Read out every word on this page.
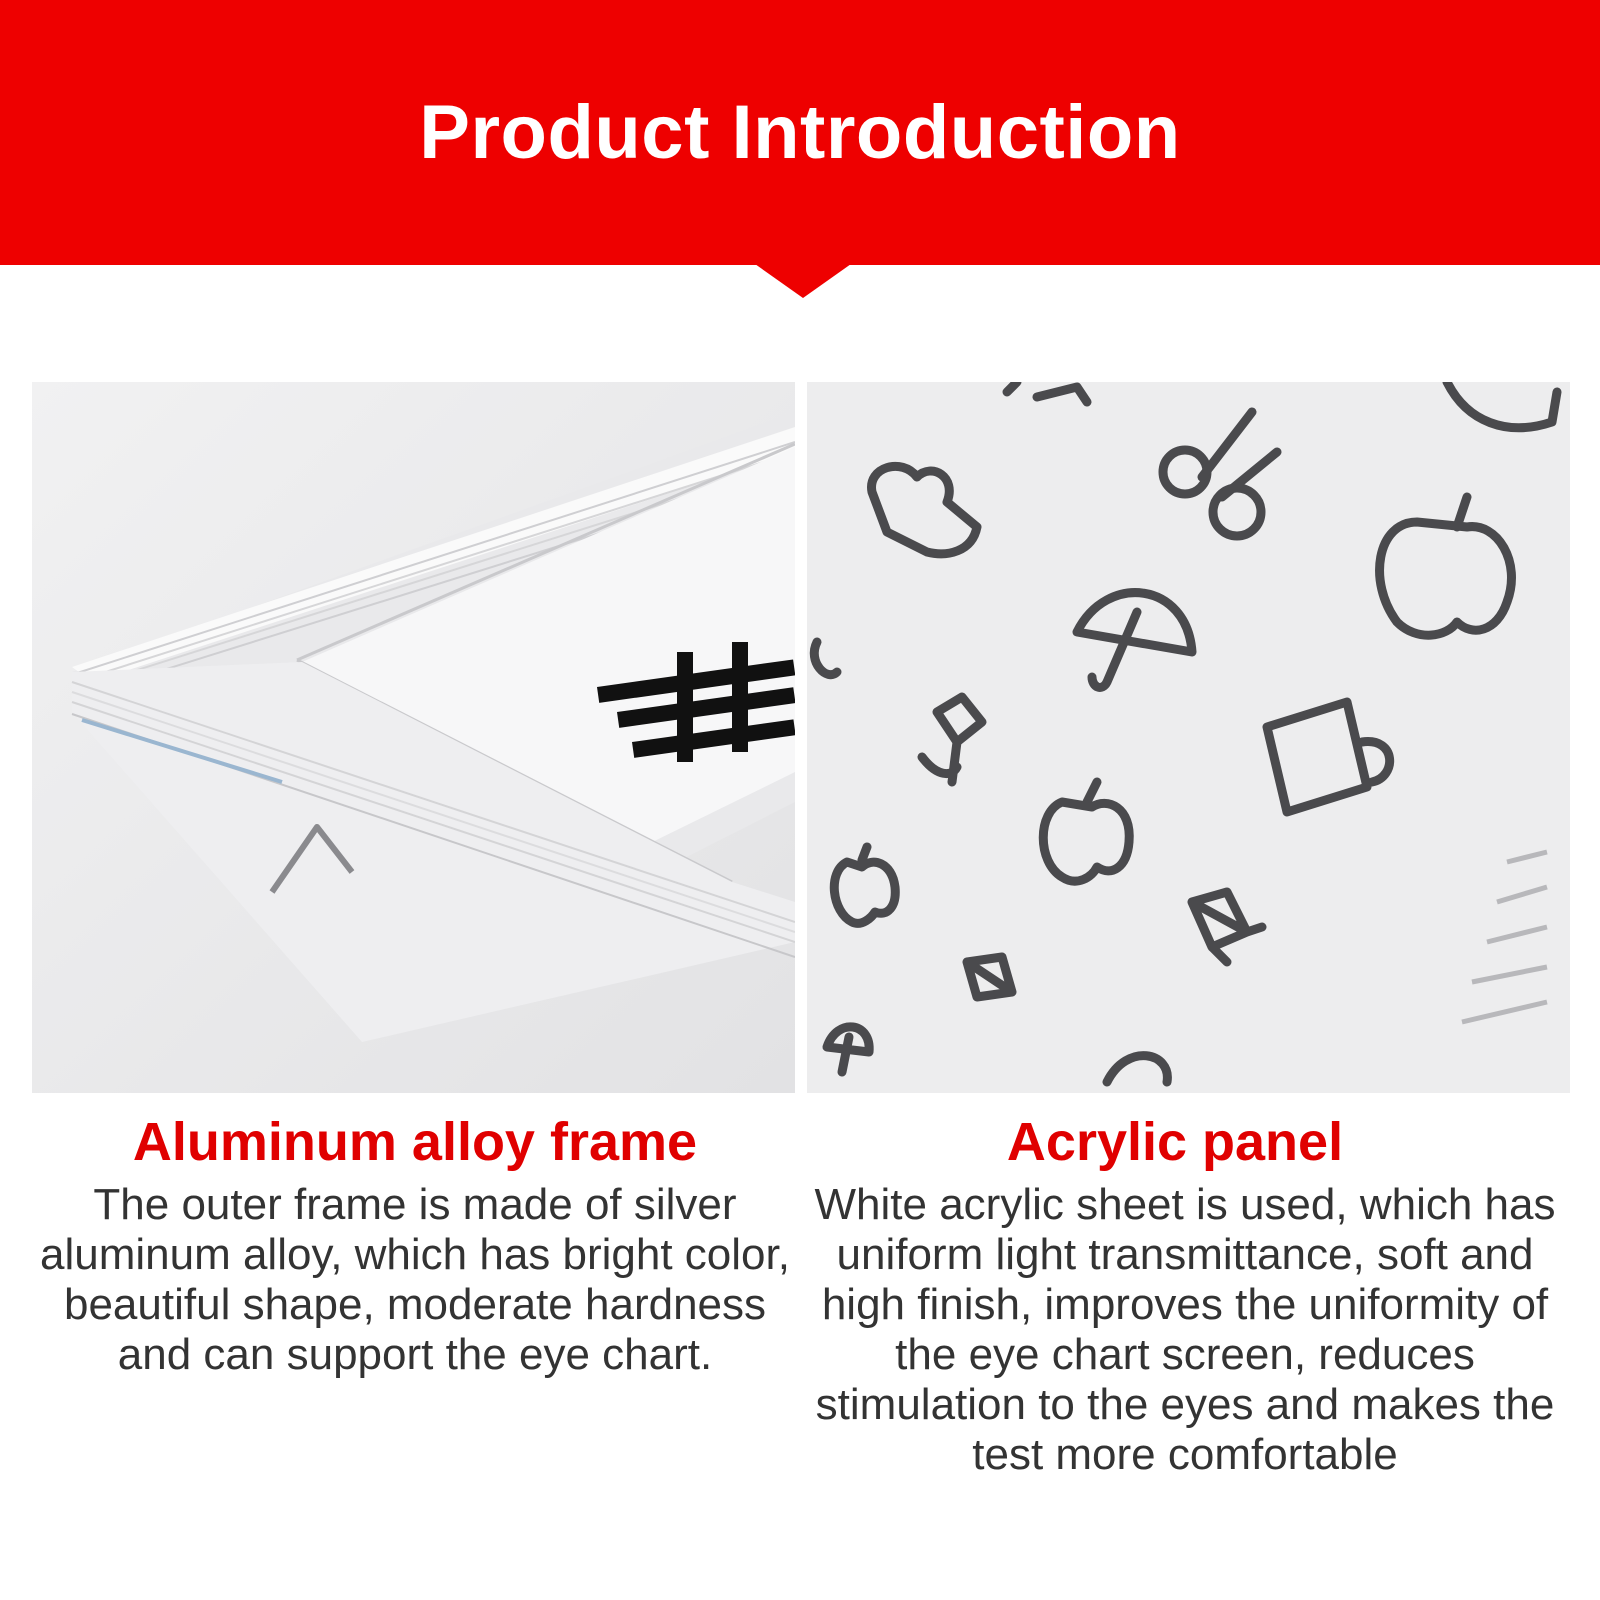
Product Introduction
Aluminum alloy frame
The outer frame is made of silver aluminum alloy, which has bright color, beautiful shape, moderate hardness and can support the eye chart.
Acrylic panel
White acrylic sheet is used, which has uniform light transmittance, soft and high finish, improves the uniformity of the eye chart screen, reduces stimulation to the eyes and makes the test more comfortable
